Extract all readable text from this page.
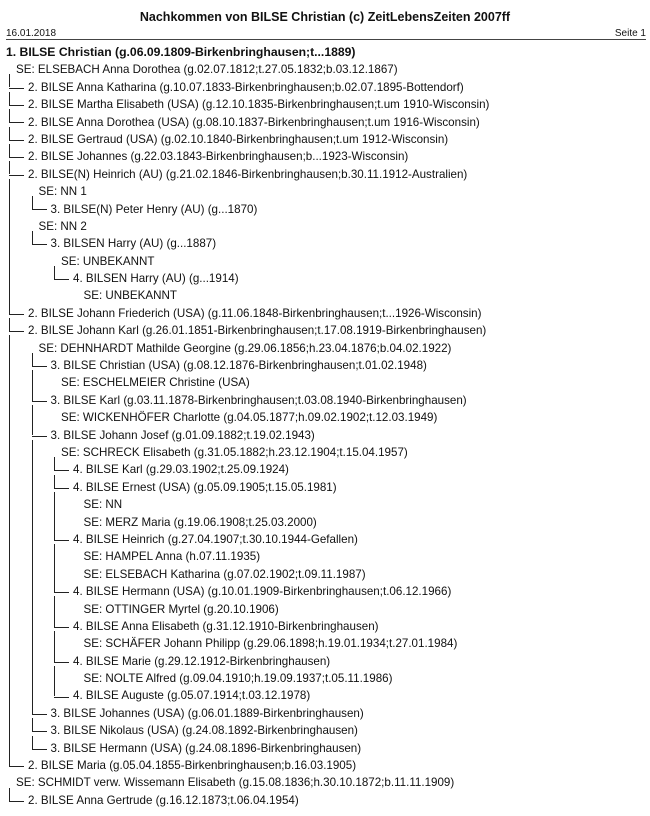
Nachkommen von BILSE Christian (c) ZeitLebensZeiten 2007ff
16.01.2018	Seite 1
1. BILSE Christian (g.06.09.1809-Birkenbringhausen;t...1889)
SE: ELSEBACH Anna Dorothea (g.02.07.1812;t.27.05.1832;b.03.12.1867)
2. BILSE Anna Katharina (g.10.07.1833-Birkenbringhausen;b.02.07.1895-Bottendorf)
2. BILSE Martha Elisabeth (USA) (g.12.10.1835-Birkenbringhausen;t.um 1910-Wisconsin)
2. BILSE Anna Dorothea (USA) (g.08.10.1837-Birkenbringhausen;t.um 1916-Wisconsin)
2. BILSE Gertraud (USA) (g.02.10.1840-Birkenbringhausen;t.um 1912-Wisconsin)
2. BILSE Johannes (g.22.03.1843-Birkenbringhausen;b...1923-Wisconsin)
2. BILSE(N) Heinrich (AU) (g.21.02.1846-Birkenbringhausen;b.30.11.1912-Australien)
SE: NN 1
3. BILSE(N) Peter Henry (AU) (g...1870)
SE: NN 2
3. BILSEN Harry (AU) (g...1887)
SE: UNBEKANNT
4. BILSEN Harry (AU) (g...1914)
SE: UNBEKANNT
2. BILSE Johann Friederich (USA) (g.11.06.1848-Birkenbringhausen;t...1926-Wisconsin)
2. BILSE Johann Karl (g.26.01.1851-Birkenbringhausen;t.17.08.1919-Birkenbringhausen)
SE: DEHNHARDT Mathilde Georgine (g.29.06.1856;h.23.04.1876;b.04.02.1922)
3. BILSE Christian (USA) (g.08.12.1876-Birkenbringhausen;t.01.02.1948)
SE: ESCHELMEIER Christine (USA)
3. BILSE Karl (g.03.11.1878-Birkenbringhausen;t.03.08.1940-Birkenbringhausen)
SE: WICKENHÖFER Charlotte (g.04.05.1877;h.09.02.1902;t.12.03.1949)
3. BILSE Johann Josef (g.01.09.1882;t.19.02.1943)
SE: SCHRECK Elisabeth (g.31.05.1882;h.23.12.1904;t.15.04.1957)
4. BILSE Karl (g.29.03.1902;t.25.09.1924)
4. BILSE Ernest (USA) (g.05.09.1905;t.15.05.1981)
SE: NN
SE: MERZ Maria (g.19.06.1908;t.25.03.2000)
4. BILSE Heinrich (g.27.04.1907;t.30.10.1944-Gefallen)
SE: HAMPEL Anna (h.07.11.1935)
SE: ELSEBACH Katharina (g.07.02.1902;t.09.11.1987)
4. BILSE Hermann (USA) (g.10.01.1909-Birkenbringhausen;t.06.12.1966)
SE: OTTINGER Myrtel (g.20.10.1906)
4. BILSE Anna Elisabeth (g.31.12.1910-Birkenbringhausen)
SE: SCHÄFER Johann Philipp (g.29.06.1898;h.19.01.1934;t.27.01.1984)
4. BILSE Marie (g.29.12.1912-Birkenbringhausen)
SE: NOLTE Alfred (g.09.04.1910;h.19.09.1937;t.05.11.1986)
4. BILSE Auguste (g.05.07.1914;t.03.12.1978)
3. BILSE Johannes (USA) (g.06.01.1889-Birkenbringhausen)
3. BILSE Nikolaus (USA) (g.24.08.1892-Birkenbringhausen)
3. BILSE Hermann (USA) (g.24.08.1896-Birkenbringhausen)
2. BILSE Maria (g.05.04.1855-Birkenbringhausen;b.16.03.1905)
SE: SCHMIDT verw. Wissemann Elisabeth (g.15.08.1836;h.30.10.1872;b.11.11.1909)
2. BILSE Anna Gertrude (g.16.12.1873;t.06.04.1954)
